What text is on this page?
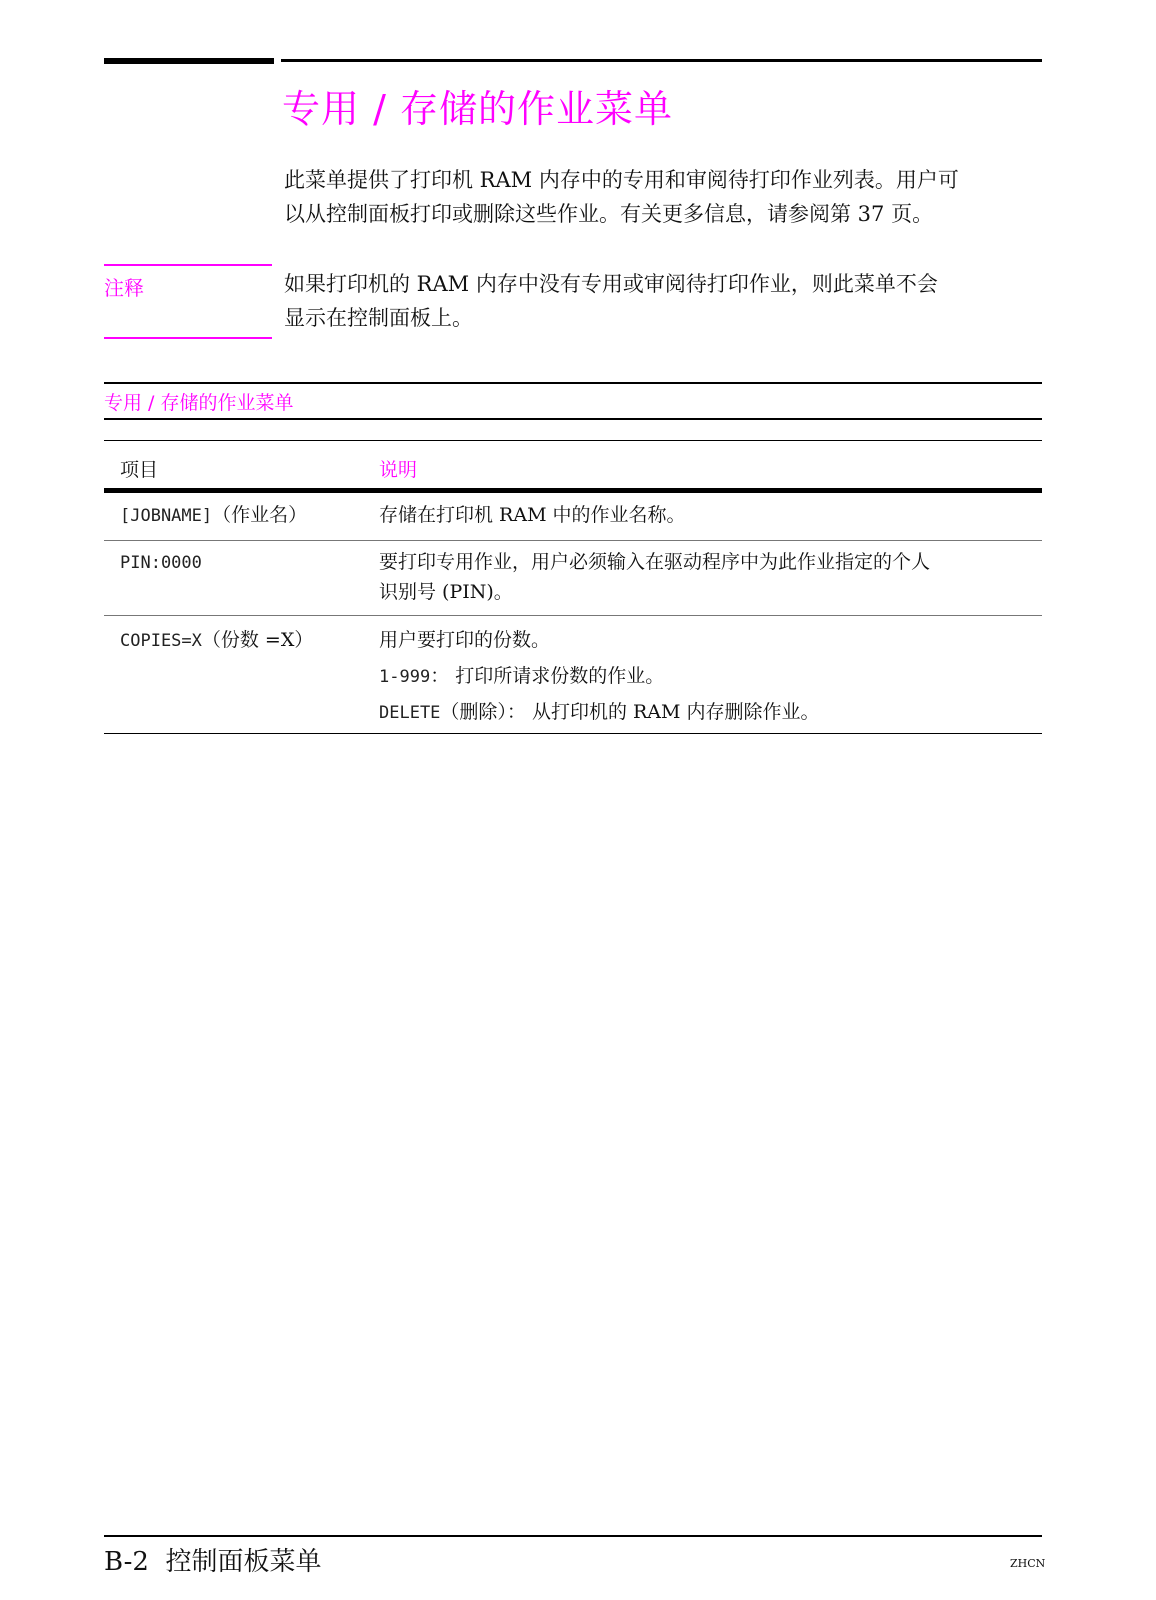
专用 / 存储的作业菜单
此菜单提供了打印机 RAM 内存中的专用和审阅待打印作业列表。用户可
以从控制面板打印或删除这些作业。有关更多信息，请参阅第 37 页。
注释	如果打印机的 RAM 内存中没有专用或审阅待打印作业，则此菜单不会
显示在控制面板上。
专用 / 存储的作业菜单
项目	说明
[JOBNAME]（作业名）	存储在打印机 RAM 中的作业名称。
PIN:0000	要打印专用作业，用户必须输入在驱动程序中为此作业指定的个人
识别号 (PIN)。
COPIES=X（份数 =X）	用户要打印的份数。
1-999： 打印所请求份数的作业。
DELETE（删除）： 从打印机的 RAM 内存删除作业。
B-2  控制面板菜单	ZHCN
